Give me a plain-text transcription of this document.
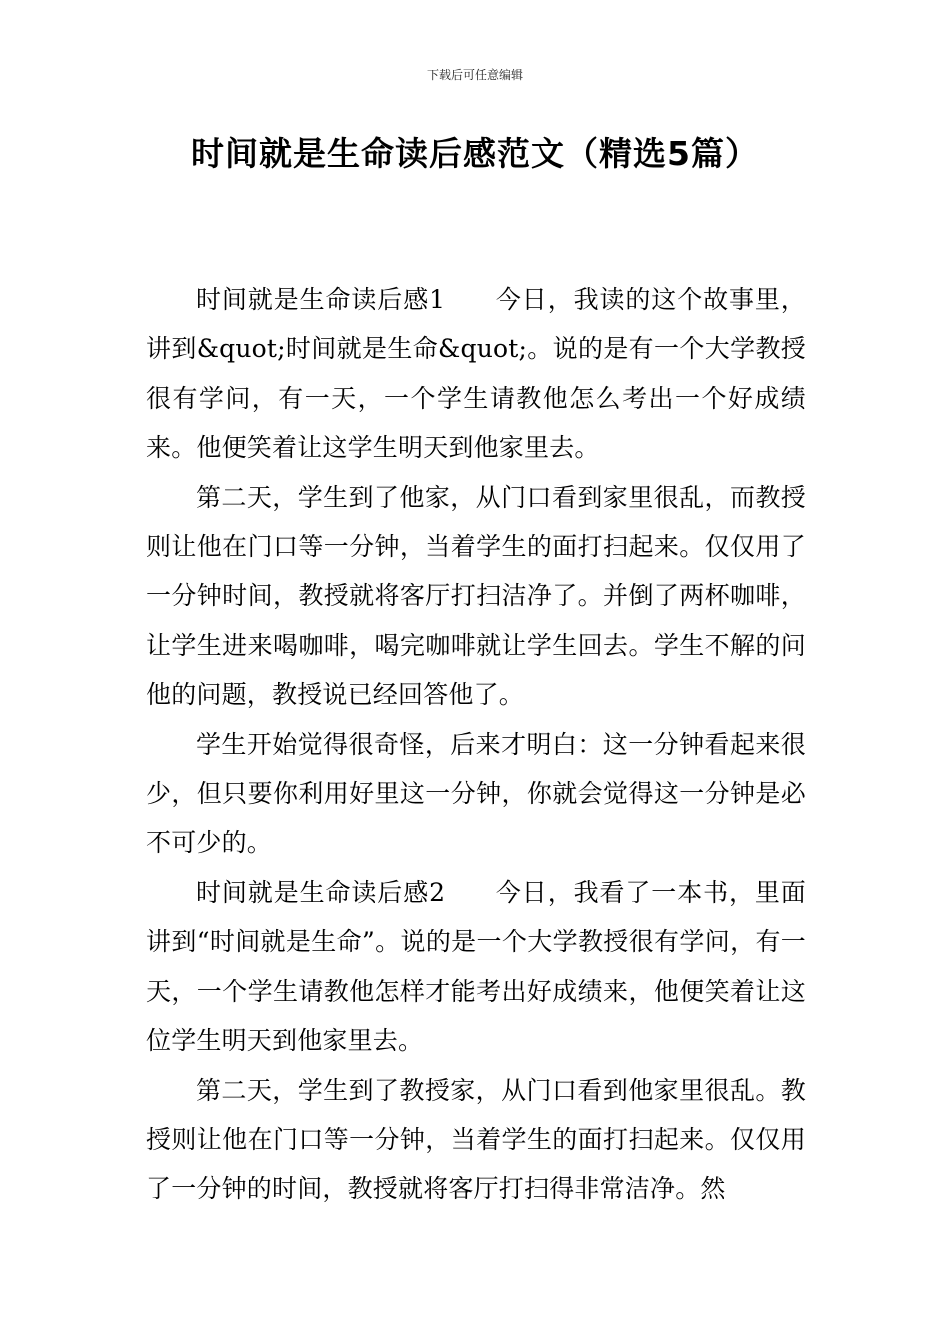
下载后可任意编辑
时间就是生命读后感范文（精选5篇）

时间就是生命读后感1 今日，我读的这个故事里，讲到&quot;时间就是生命&quot;。说的是有一个大学教授很有学问，有一天，一个学生请教他怎么考出一个好成绩来。他便笑着让这学生明天到他家里去。

第二天，学生到了他家，从门口看到家里很乱，而教授则让他在门口等一分钟，当着学生的面打扫起来。仅仅用了一分钟时间，教授就将客厅打扫洁净了。并倒了两杯咖啡，让学生进来喝咖啡，喝完咖啡就让学生回去。学生不解的问他的问题，教授说已经回答他了。

学生开始觉得很奇怪，后来才明白：这一分钟看起来很少，但只要你利用好里这一分钟，你就会觉得这一分钟是必不可少的。

时间就是生命读后感2 今日，我看了一本书，里面讲到“时间就是生命”。说的是一个大学教授很有学问，有一天，一个学生请教他怎样才能考出好成绩来，他便笑着让这位学生明天到他家里去。

第二天，学生到了教授家，从门口看到他家里很乱。教授则让他在门口等一分钟，当着学生的面打扫起来。仅仅用了一分钟的时间，教授就将客厅打扫得非常洁净。然
